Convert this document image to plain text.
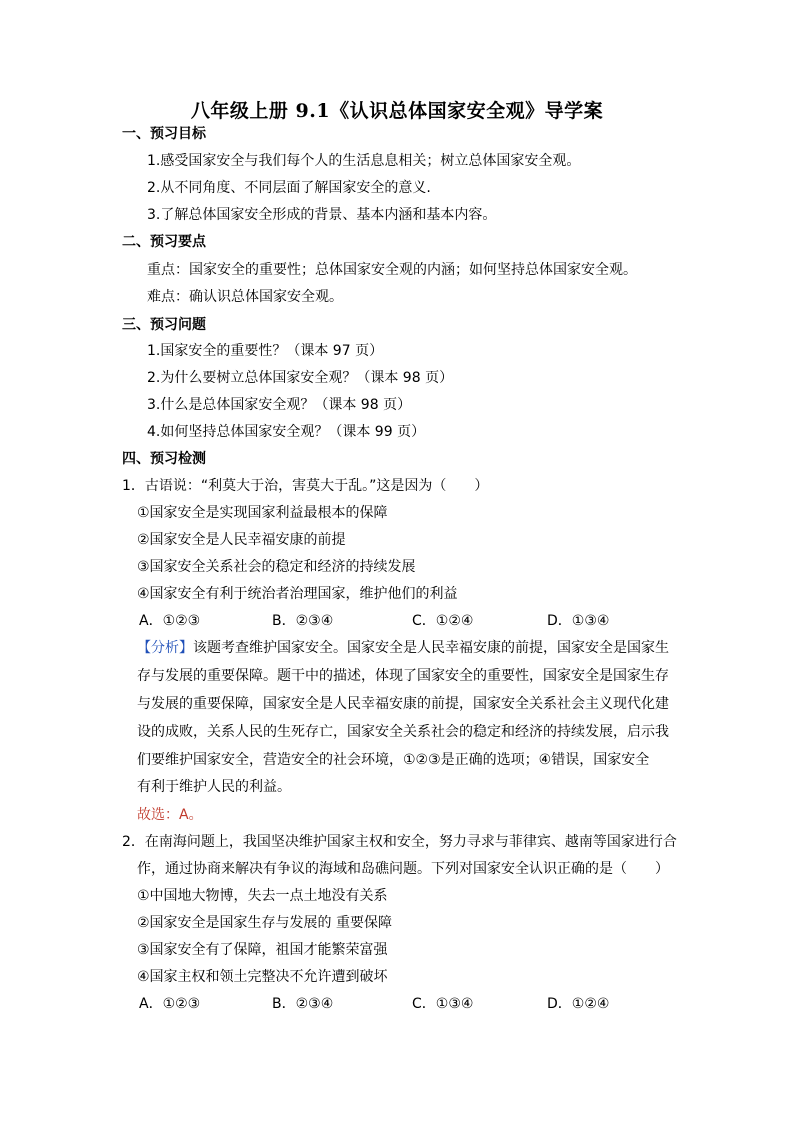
八年级上册 9.1《认识总体国家安全观》导学案
一、预习目标
1.感受国家安全与我们每个人的生活息息相关；树立总体国家安全观。
2.从不同角度、不同层面了解国家安全的意义.
3.了解总体国家安全形成的背景、基本内涵和基本内容。
二、预习要点
重点：国家安全的重要性；总体国家安全观的内涵；如何坚持总体国家安全观。
难点：确认识总体国家安全观。
三、预习问题
1.国家安全的重要性？（课本 97 页）
2.为什么要树立总体国家安全观？（课本 98 页）
3.什么是总体国家安全观？（课本 98 页）
4.如何坚持总体国家安全观？（课本 99 页）
四、预习检测
1．古语说：“利莫大于治，害莫大于乱。”这是因为（　　）
①国家安全是实现国家利益最根本的保障
②国家安全是人民幸福安康的前提
③国家安全关系社会的稳定和经济的持续发展
④国家安全有利于统治者治理国家，维护他们的利益
A．①②③	B．②③④	C．①②④	D．①③④
【分析】该题考查维护国家安全。国家安全是人民幸福安康的前提，国家安全是国家生
存与发展的重要保障。题干中的描述，体现了国家安全的重要性，国家安全是国家生存
与发展的重要保障，国家安全是人民幸福安康的前提，国家安全关系社会主义现代化建
设的成败，关系人民的生死存亡，国家安全关系社会的稳定和经济的持续发展，启示我
们要维护国家安全，营造安全的社会环境，①②③是正确的选项；④错误，国家安全
有利于维护人民的利益。
故选：A。
2．在南海问题上，我国坚决维护国家主权和安全，努力寻求与菲律宾、越南等国家进行合
作，通过协商来解决有争议的海域和岛礁问题。下列对国家安全认识正确的是（　　）
①中国地大物博，失去一点土地没有关系
②国家安全是国家生存与发展的 重要保障
③国家安全有了保障，祖国才能繁荣富强
④国家主权和领土完整决不允许遭到破坏
A．①②③	B．②③④	C．①③④	D．①②④
